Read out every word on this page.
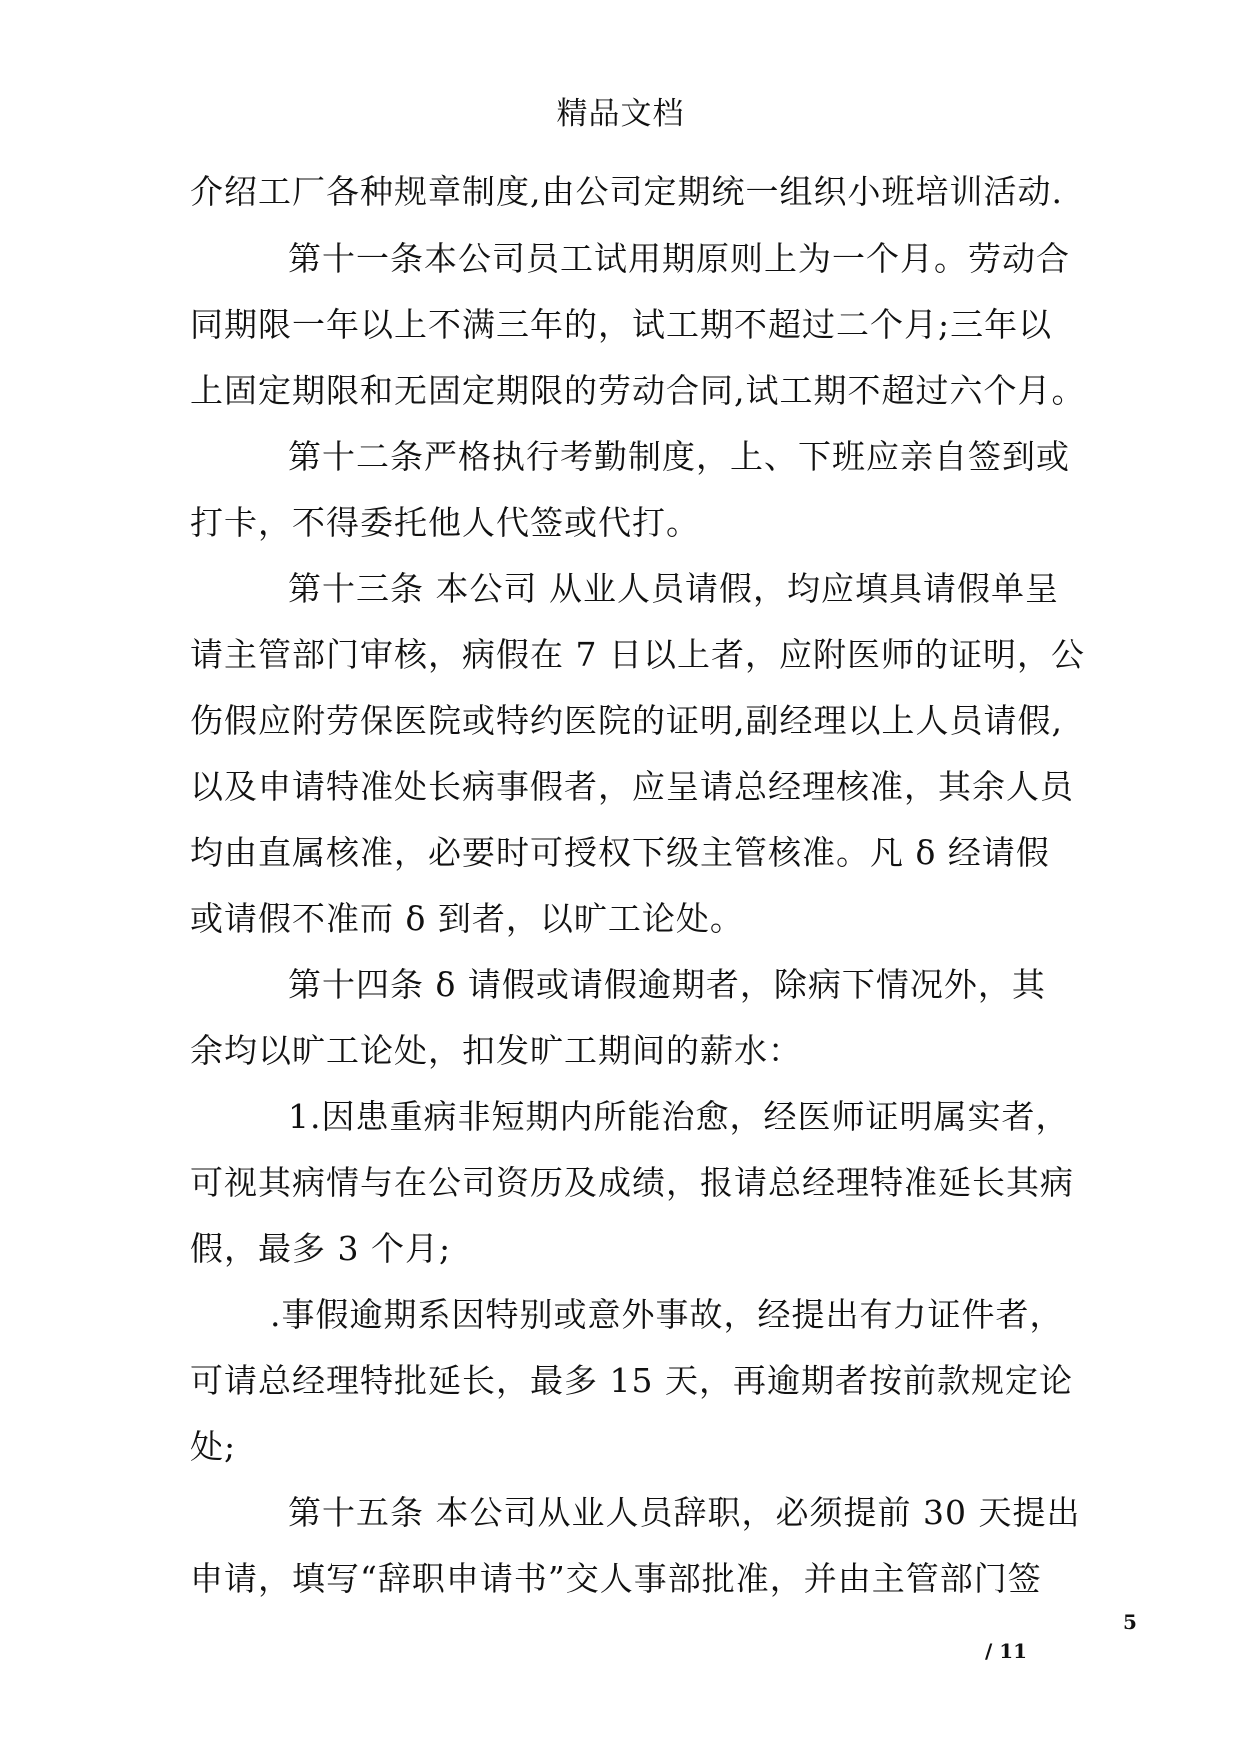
精品文档
介绍工厂各种规章制度,由公司定期统一组织小班培训活动.
第十一条本公司员工试用期原则上为一个月。劳动合
同期限一年以上不满三年的，试工期不超过二个月;三年以
上固定期限和无固定期限的劳动合同,试工期不超过六个月。
第十二条严格执行考勤制度，上、下班应亲自签到或
打卡，不得委托他人代签或代打。
第十三条 本公司 从业人员请假，均应填具请假单呈
请主管部门审核，病假在 7 日以上者，应附医师的证明，公
伤假应附劳保医院或特约医院的证明,副经理以上人员请假,
以及申请特准处长病事假者，应呈请总经理核准，其余人员
均由直属核准，必要时可授权下级主管核准。凡 δ 经请假
或请假不准而 δ 到者，以旷工论处。
第十四条 δ 请假或请假逾期者，除病下情况外，其
余均以旷工论处，扣发旷工期间的薪水：
1.因患重病非短期内所能治愈，经医师证明属实者，
可视其病情与在公司资历及成绩，报请总经理特准延长其病
假，最多 3 个月;
.事假逾期系因特别或意外事故，经提出有力证件者，
可请总经理特批延长，最多 15 天，再逾期者按前款规定论
处;
第十五条 本公司从业人员辞职，必须提前 30 天提出
申请，填写“辞职申请书”交人事部批准，并由主管部门签
5
/ 11
